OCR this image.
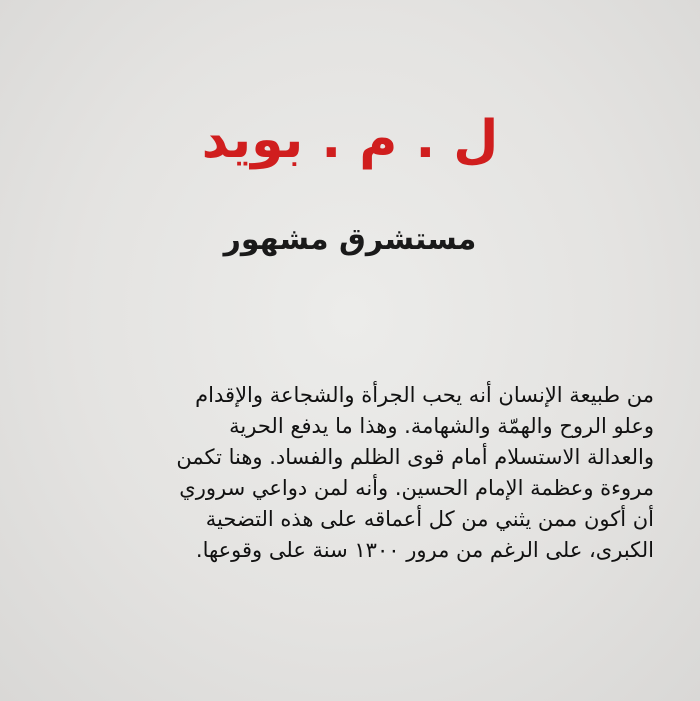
ل . م . بويد
مستشرق مشهور
من طبيعة الإنسان أنه يحب الجرأة والشجاعة والإقدام
وعلو الروح والهمّة والشهامة. وهذا ما يدفع الحرية
والعدالة الاستسلام أمام قوى الظلم والفساد. وهنا تكمن
مروءة وعظمة الإمام الحسين. وأنه لمن دواعي سروري
أن أكون ممن يثني من كل أعماقه على هذه التضحية
الكبرى، على الرغم من مرور ١٣٠٠ سنة على وقوعها.
